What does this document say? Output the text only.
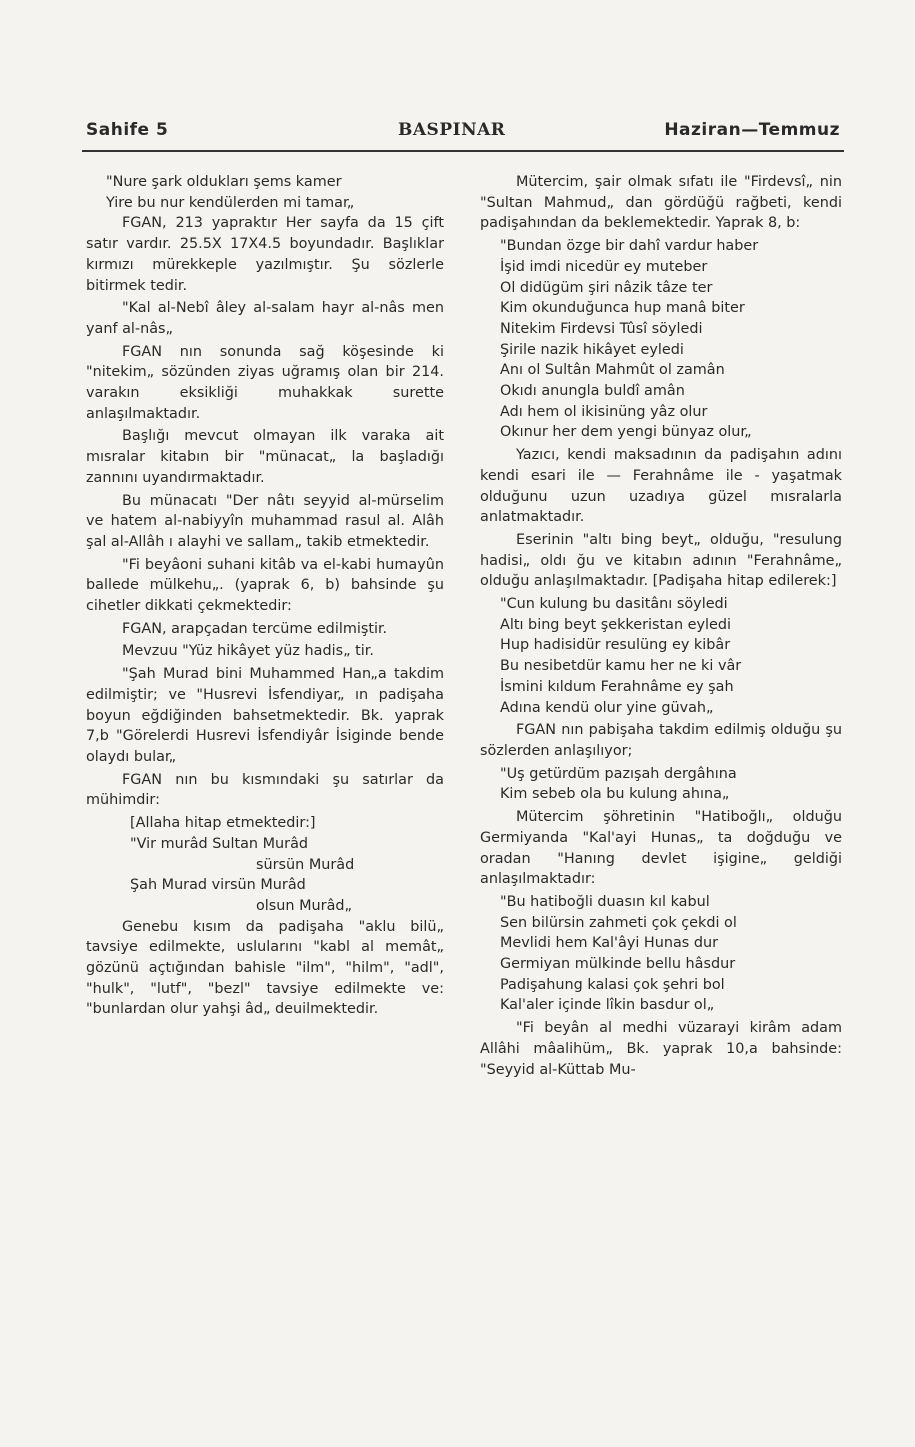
Sahife 5	BASPINAR	Haziran—Temmuz
"Nure şark oldukları şems kamer
Yire bu nur kendülerden mi tamar„

FGAN, 213 yapraktır Her sayfa da 15 çift satır vardır. 25.5X 17X4.5 boyundadır. Başlıklar kırmızı mürekkeple yazılmıştır. Şu sözlerle bitirmek tedir.

"Kal al-Nebî âley al-salam hayr al-nâs men yanf al-nâs„

FGAN nın sonunda sağ köşesinde ki "nitekim„ sözünden ziyas uğramış olan bir 214. varakın eksikliği muhakkak surette anlaşılmaktadır.

Başlığı mevcut olmayan ilk varaka ait mısralar kitabın bir "münacat„ la başladığı zannını uyandırmaktadır.

Bu münacatı "Der nâtı seyyid al-mürselim ve hatem al-nabiyyîn muhammad rasul al. Alâh şal al-Allâh ı alayhi ve sallam„ takib etmektedir.

"Fi beyâoni suhani kitâb va el-kabi humayûn ballede mülkehu„. (yaprak 6, b) bahsinde şu cihetler dikkati çekmektedir:

FGAN, arapçadan tercüme edilmiştir.

Mevzuu "Yüz hikâyet yüz hadis„ tir.

"Şah Murad bini Muhammed Han„a takdim edilmiştir; ve "Husrevi İsfendiyar„ ın padişaha boyun eğdiğinden bahsetmektedir. Bk. yaprak 7,b "Görelerdi Husrevi İsfendiyâr İsiginde bende olaydı bular„

FGAN nın bu kısmındaki şu satırlar da mühimdir:

[Allaha hitap etmektedir:]
"Vir murâd Sultan Murâd
sürsün Murâd
Şah Murad virsün Murâd
olsun Murâd„

Genebu kısım da padişaha "aklu bilü„ tavsiye edilmekte, uslularını "kabl al memât„ gözünü açtığından bahisle "ilm", "hilm", "adl", "hulk", "lutf", "bezl" tavsiye edilmekte ve: "bunlardan olur yahşi âd„ deuilmektedir.

Mütercim, şair olmak sıfatı ile "Firdevsî„ nin "Sultan Mahmud„ dan gördüğü rağbeti, kendi padişahından da beklemektedir. Yaprak 8, b:

"Bundan özge bir dahî vardur haber
İşid imdi nicedür ey muteber
Ol didügüm şiri nâzik tâze ter
Kim okunduğunca hup manâ biter
Nitekim Firdevsi Tûsî söyledi
Şirile nazik hikâyet eyledi
Anı ol Sultân Mahmût ol zamân
Okıdı anungla buldî amân
Adı hem ol ikisinüng yâz olur
Okınur her dem yengi bünyaz olur„

Yazıcı, kendi maksadının da padişahın adını kendi esari ile — Ferahnâme ile - yaşatmak olduğunu uzun uzadıya güzel mısralarla anlatmaktadır.

Eserinin "altı bing beyt„ olduğu, "resulung hadisi„ oldı ğu ve kitabın adının "Ferahnâme„ olduğu anlaşılmaktadır. [Padişaha hitap edilerek:]

"Cun kulung bu dasitânı söyledi
Altı bing beyt şekkeristan eyledi
Hup hadisidür resulüng ey kibâr
Bu nesibetdür kamu her ne ki vâr
İsmini kıldum Ferahnâme ey şah
Adına kendü olur yine güvah„

FGAN nın pabişaha takdim edilmiş olduğu şu sözlerden anlaşılıyor;

"Uş getürdüm pazışah dergâhına
Kim sebeb ola bu kulung ahına„

Mütercim şöhretinin "Hatiboğlı„ olduğu Germiyanda "Kal'ayi Hunas„ ta doğduğu ve oradan "Hanıng devlet işigine„ geldiği anlaşılmaktadır:

"Bu hatiboğli duasın kıl kabul
Sen bilürsin zahmeti çok çekdi ol
Mevlidi hem Kal'âyi Hunas dur
Germiyan mülkinde bellu hâsdur
Padişahung kalasi çok şehri bol
Kal'aler içinde lîkin basdur ol„

"Fi beyân al medhi vüzarayi kirâm adam Allâhi mâalihüm„ Bk. yaprak 10,a bahsinde: "Seyyid al-Küttab Mu-
